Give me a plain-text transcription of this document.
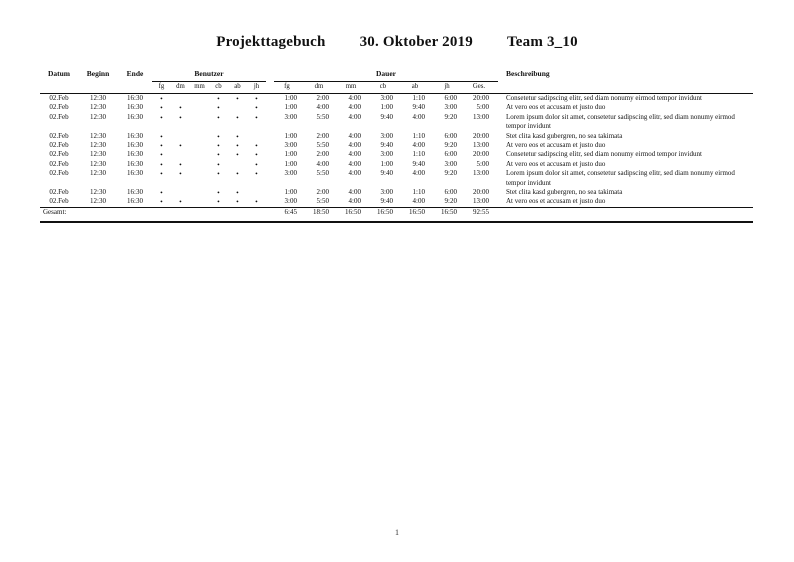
Projekttagebuch 30. Oktober 2019 Team 3_10
Datum	Beginn	Ende	Benutzer							Dauer							Beschreibung
			fg	dm	mm	cb	ab	jh		fg	dm	mm	cb	ab	jh	Ges.	
02.Feb	12:30	16:30	•			•	•	•		1:00	2:00	4:00	3:00	1:10	6:00	20:00	Consetetur sadipscing elitr, sed diam nonumy eirmod tempor invidunt
02.Feb	12:30	16:30	•	•		•		•		1:00	4:00	4:00	1:00	9:40	3:00	5:00	At vero eos et accusam et justo duo
02.Feb	12:30	16:30	•	•		•	•	•		3:00	5:50	4:00	9:40	4:00	9:20	13:00	Lorem ipsum dolor sit amet, consetetur sadipscing elitr, sed diam nonumy eirmod tempor invidunt
02.Feb	12:30	16:30	•			•	•			1:00	2:00	4:00	3:00	1:10	6:00	20:00	Stet clita kasd gubergren, no sea takimata
02.Feb	12:30	16:30	•	•		•	•	•		3:00	5:50	4:00	9:40	4:00	9:20	13:00	At vero eos et accusam et justo duo
02.Feb	12:30	16:30	•			•	•	•		1:00	2:00	4:00	3:00	1:10	6:00	20:00	Consetetur sadipscing elitr, sed diam nonumy eirmod tempor invidunt
02.Feb	12:30	16:30	•	•		•		•		1:00	4:00	4:00	1:00	9:40	3:00	5:00	At vero eos et accusam et justo duo
02.Feb	12:30	16:30	•	•		•	•	•		3:00	5:50	4:00	9:40	4:00	9:20	13:00	Lorem ipsum dolor sit amet, consetetur sadipscing elitr, sed diam nonumy eirmod tempor invidunt
02.Feb	12:30	16:30	•			•	•			1:00	2:00	4:00	3:00	1:10	6:00	20:00	Stet clita kasd gubergren, no sea takimata
02.Feb	12:30	16:30	•	•		•	•	•		3:00	5:50	4:00	9:40	4:00	9:20	13:00	At vero eos et accusam et justo duo
Gesamt:										6:45	18:50	16:50	16:50	16:50	16:50	92:55	
1
